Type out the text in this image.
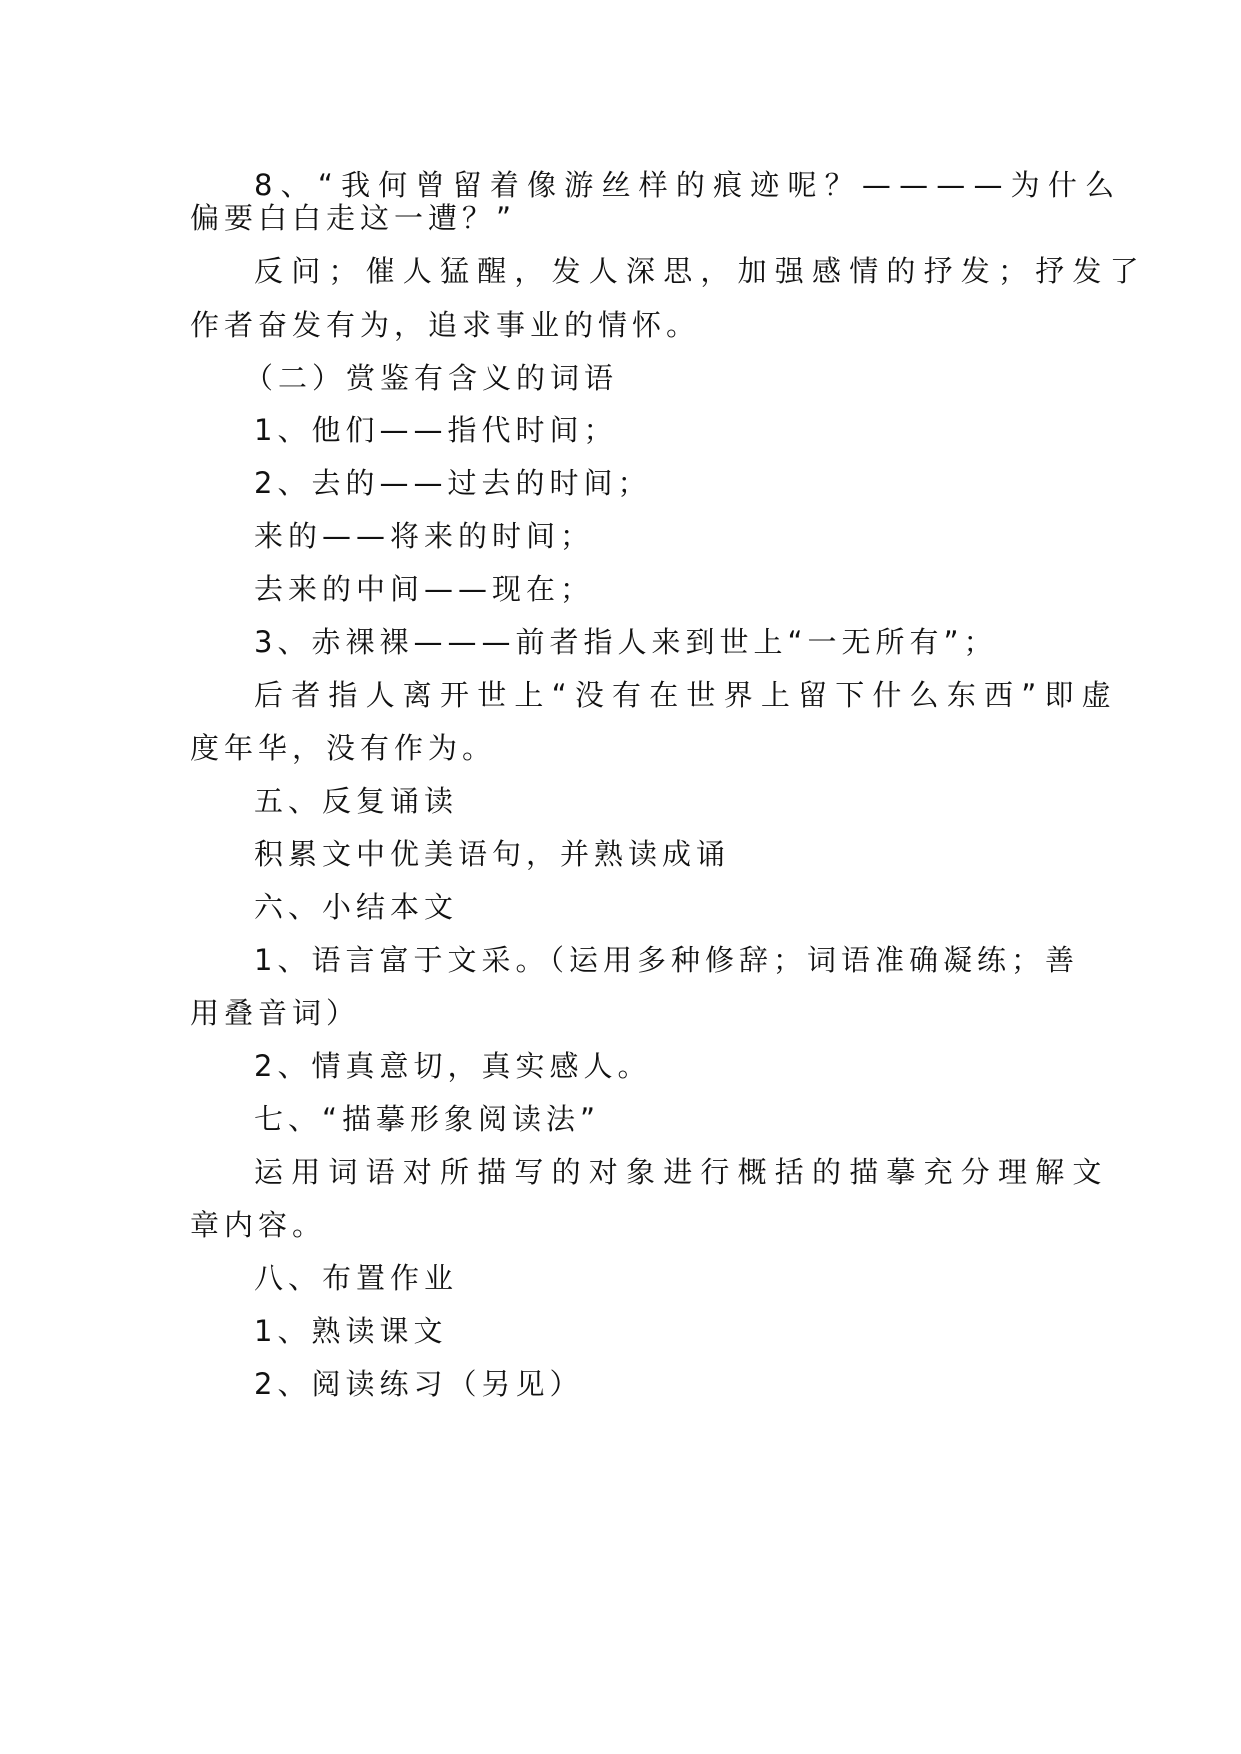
8、“我何曾留着像游丝样的痕迹呢？————为什么
偏要白白走这一遭？”
反问；催人猛醒，发人深思，加强感情的抒发；抒发了
作者奋发有为，追求事业的情怀。
（二）赏鉴有含义的词语
1、他们——指代时间；
2、去的——过去的时间；
来的——将来的时间；
去来的中间——现在；
3、赤裸裸———前者指人来到世上“一无所有”；
后者指人离开世上“没有在世界上留下什么东西”即虚
度年华，没有作为。
五、反复诵读
积累文中优美语句，并熟读成诵
六、小结本文
1、语言富于文采。（运用多种修辞；词语准确凝练；善
用叠音词）
2、情真意切，真实感人。
七、“描摹形象阅读法”
运用词语对所描写的对象进行概括的描摹充分理解文
章内容。
八、布置作业
1、熟读课文
2、阅读练习（另见）
